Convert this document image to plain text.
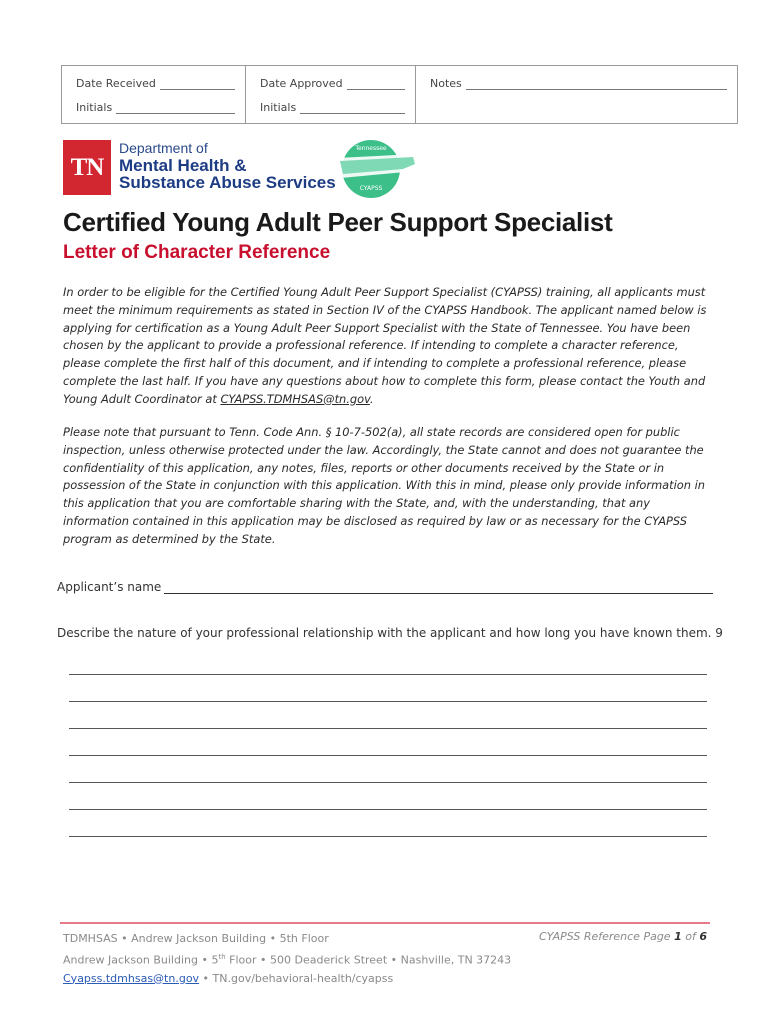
Date Received
Initials
Date Approved
Initials
Notes
TN
Department of
Mental Health &
Substance Abuse Services
Tennessee
CYAPSS
Certified Young Adult Peer Support Specialist
Letter of Character Reference

In order to be eligible for the Certified Young Adult Peer Support Specialist (CYAPSS) training, all applicants must meet the minimum requirements as stated in Section IV of the CYAPSS Handbook. The applicant named below is applying for certification as a Young Adult Peer Support Specialist with the State of Tennessee. You have been chosen by the applicant to provide a professional reference. If intending to complete a character reference, please complete the first half of this document, and if intending to complete a professional reference, please complete the last half. If you have any questions about how to complete this form, please contact the Youth and Young Adult Coordinator at CYAPSS.TDMHSAS@tn.gov.

Please note that pursuant to Tenn. Code Ann. § 10-7-502(a), all state records are considered open for public inspection, unless otherwise protected under the law. Accordingly, the State cannot and does not guarantee the confidentiality of this application, any notes, files, reports or other documents received by the State or in possession of the State in conjunction with this application. With this in mind, please only provide information in this application that you are comfortable sharing with the State, and, with the understanding, that any information contained in this application may be disclosed as required by law or as necessary for the CYAPSS program as determined by the State.

Applicant’s name
Describe the nature of your professional relationship with the applicant and how long you have known them. 9
TDMHSAS • Andrew Jackson Building • 5th Floor
Andrew Jackson Building • 5th Floor • 500 Deaderick Street • Nashville, TN 37243
Cyapss.tdmhsas@tn.gov • TN.gov/behavioral-health/cyapss
CYAPSS Reference Page 1 of 6
